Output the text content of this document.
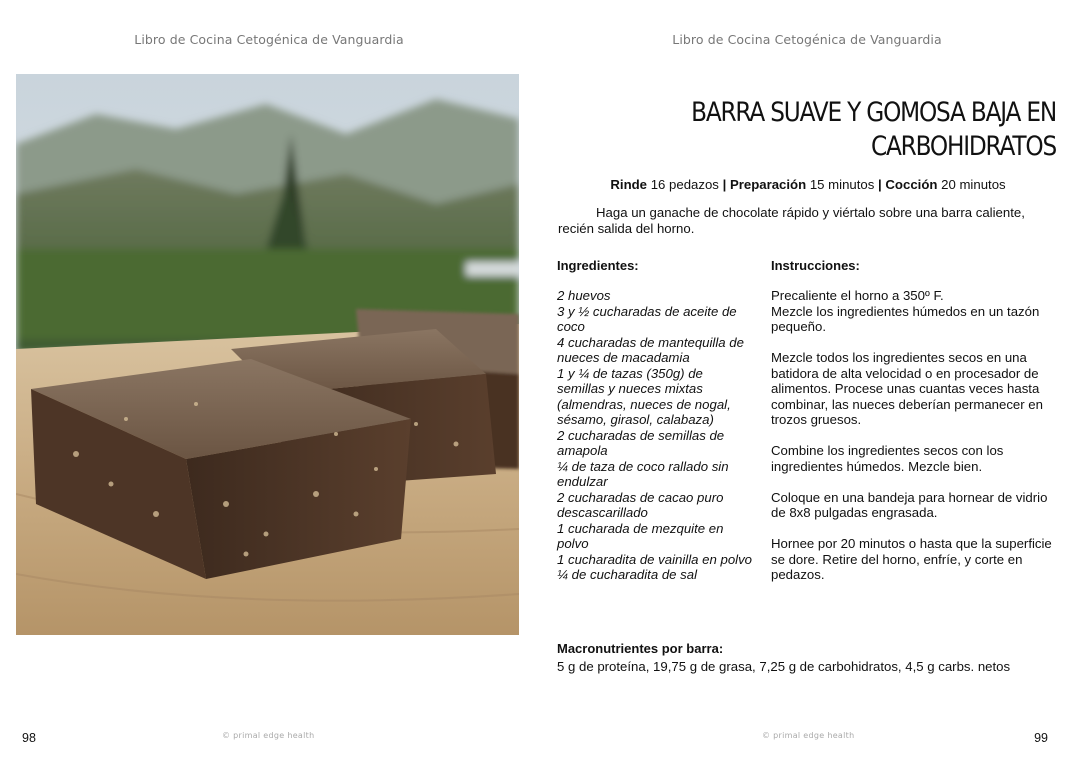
Libro de Cocina Cetogénica de Vanguardia
© primal edge health
98
Libro de Cocina Cetogénica de Vanguardia
BARRA SUAVE Y GOMOSA BAJA EN CARBOHIDRATOS
Rinde 16 pedazos | Preparación 15 minutos | Cocción 20 minutos
Haga un ganache de chocolate rápido y viértalo sobre una barra caliente, recién salida del horno.
Ingredientes:	Instrucciones:
2 huevos
3 y ½ cucharadas de aceite de coco
4 cucharadas de mantequilla de nueces de macadamia
1 y ¼ de tazas (350g) de semillas y nueces mixtas (almendras, nueces de nogal, sésamo, girasol, calabaza)
2 cucharadas de semillas de amapola
¼ de taza de coco rallado sin endulzar
2 cucharadas de cacao puro descascarillado
1 cucharada de mezquite en polvo
1 cucharadita de vainilla en polvo
¼ de cucharadita de sal

Precaliente el horno a 350º F.
Mezcle los ingredientes húmedos en un tazón pequeño.

Mezcle todos los ingredientes secos en una batidora de alta velocidad o en procesador de alimentos. Procese unas cuantas veces hasta combinar, las nueces deberían permanecer en trozos gruesos.

Combine los ingredientes secos con los ingredientes húmedos. Mezcle bien.

Coloque en una bandeja para hornear de vidrio de 8x8 pulgadas engrasada.

Hornee por 20 minutos o hasta que la superficie se dore. Retire del horno, enfríe, y corte en pedazos.

Macronutrientes por barra:
5 g de proteína, 19,75 g de grasa, 7,25 g de carbohidratos, 4,5 g carbs. netos
© primal edge health	99
